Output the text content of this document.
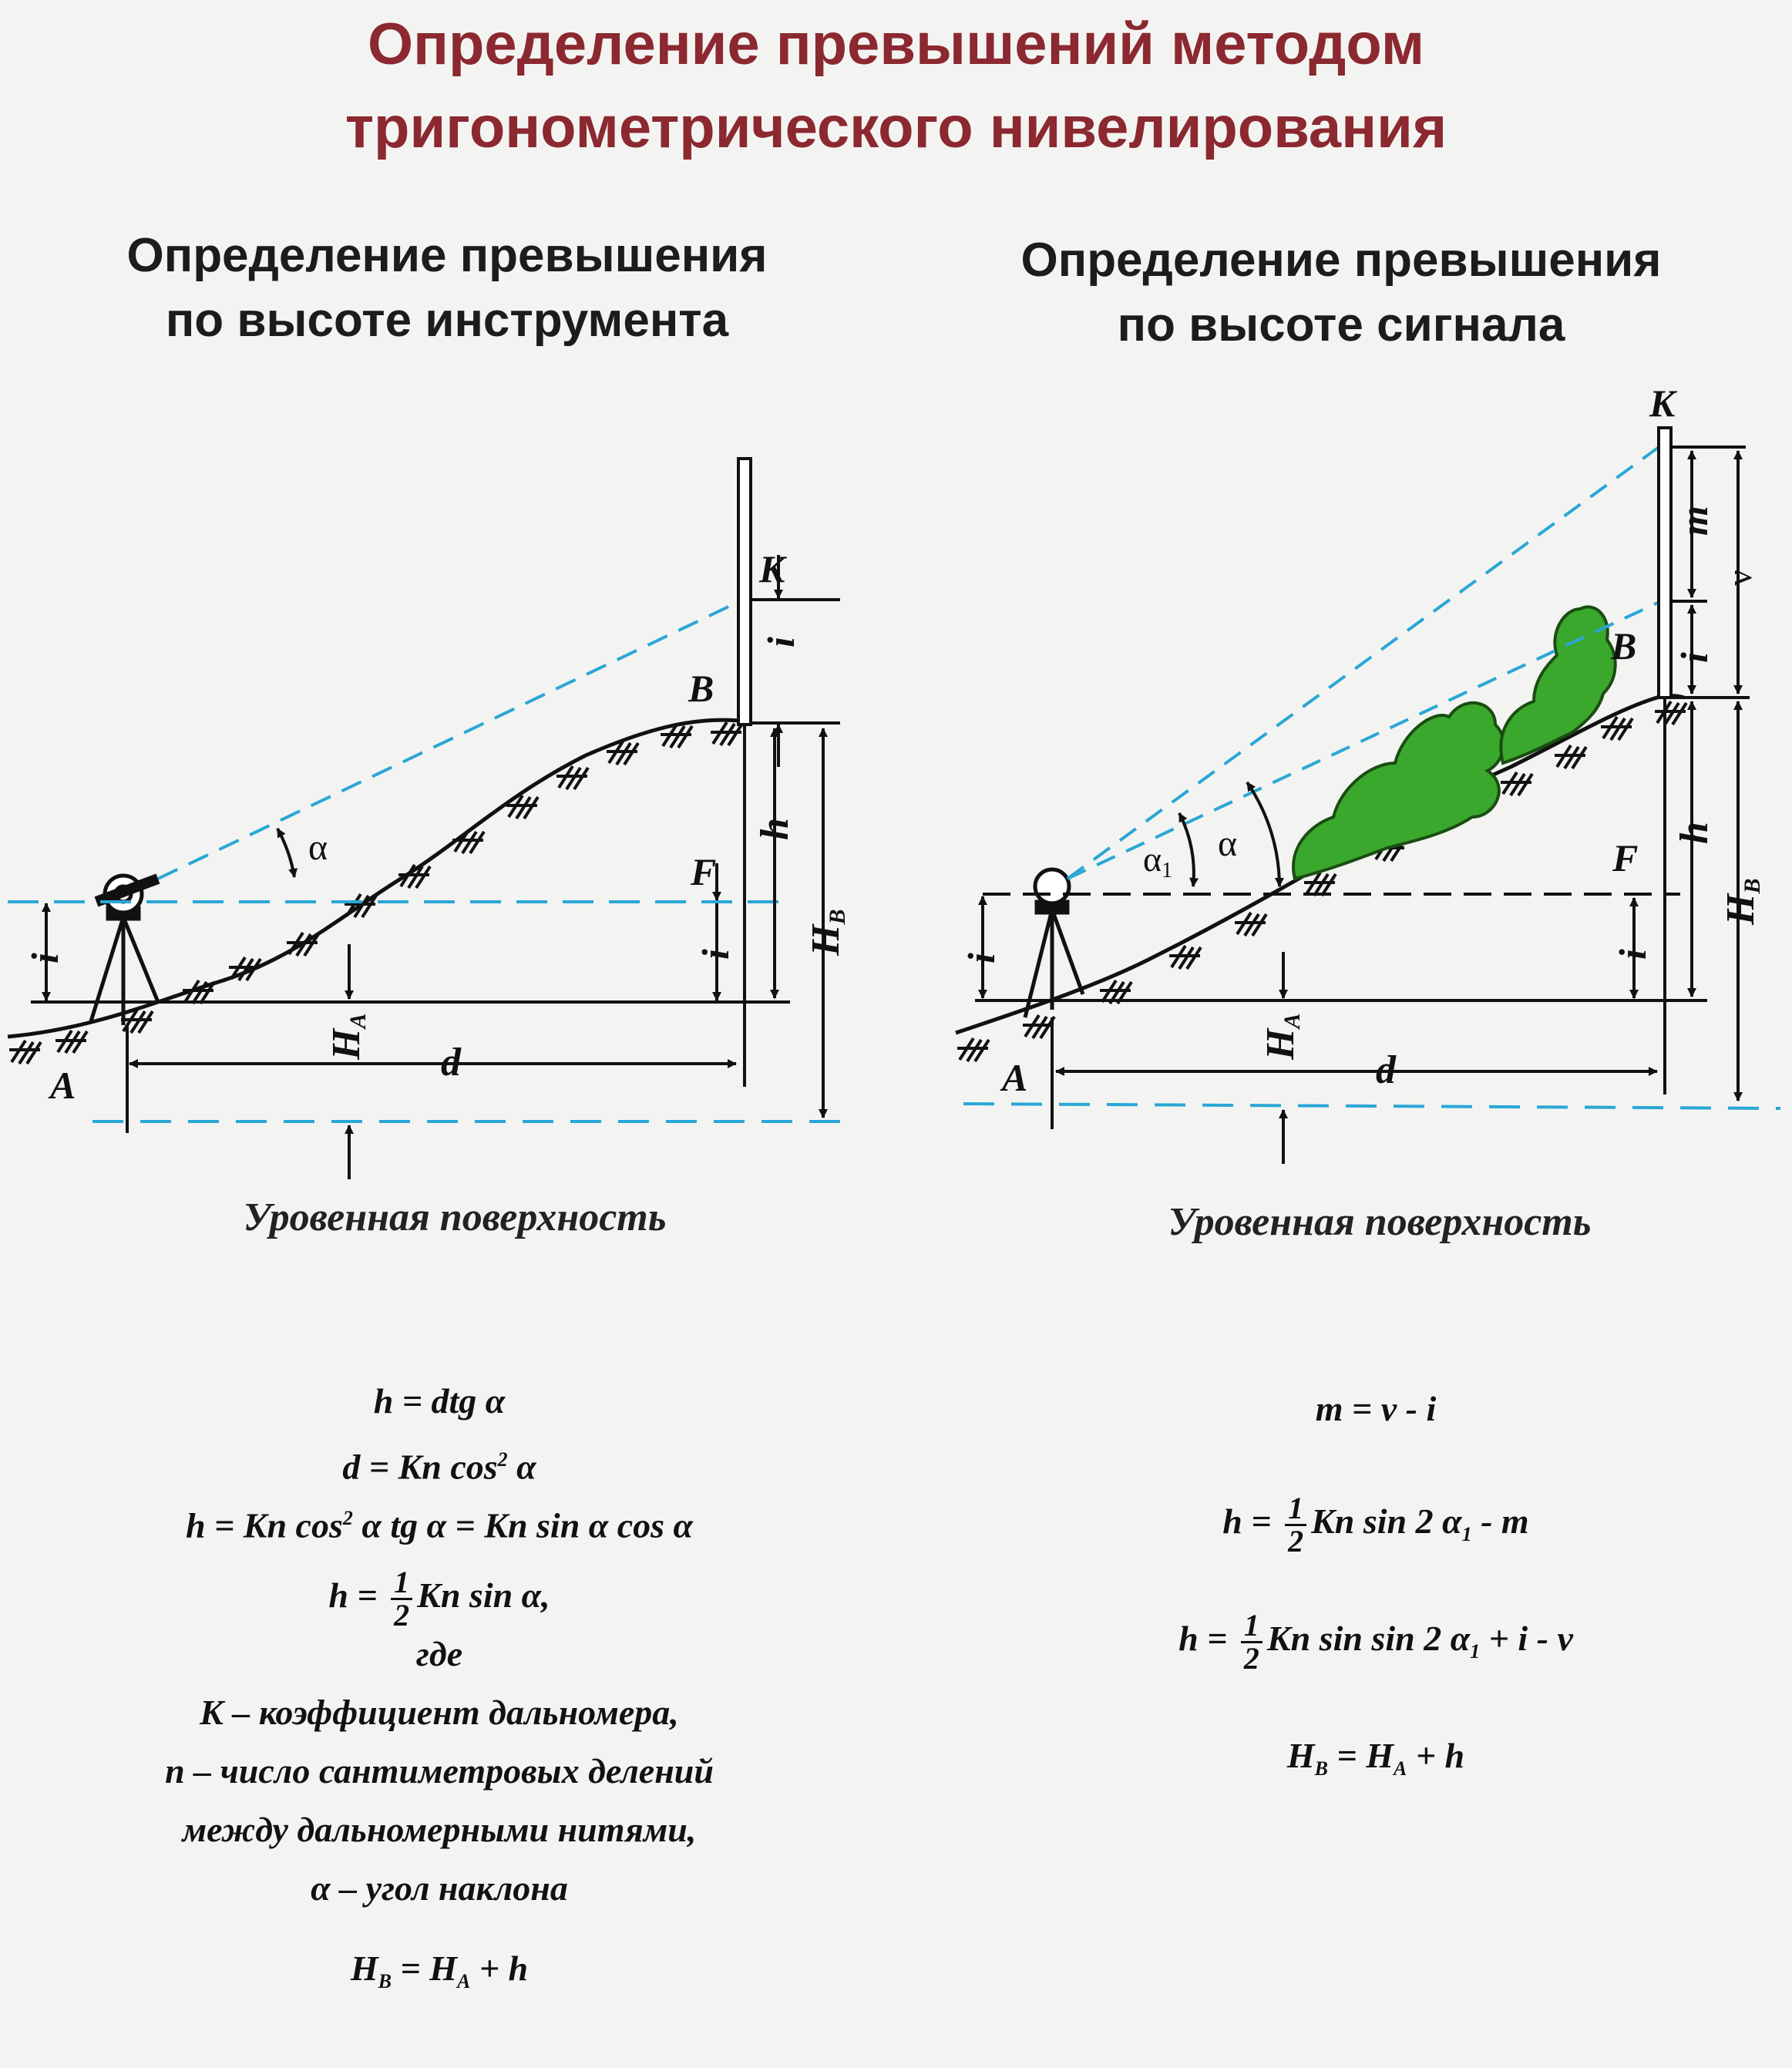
Определение превышений методом
тригонометрического нивелирования
Определение превышения
по высоте инструмента
Определение превышения
по высоте сигнала
K
B
F
A
d
i
h
HB
i
i
HA
α
K
B
F
A	d
m
ν
i
h
HB
i
i
HA
α1
α

Уровенная поверхность	Уровенная поверхность

h = dtg α
d = Kn $\cos^2 \alpha$
h = Kn $\cos^2 \alpha$ tg α = Kn sin α cos α
$h = \frac{1}{2}$ Kn sin α,
где
K – коэффициент дальномера,
n – число сантиметровых делений
между дальномерными нитями,
α – угол наклона
$H_B = H_A + h$
m = ν - i
$h = \frac{1}{2}$ Kn sin 2 $\alpha_1$ - m
$h = \frac{1}{2}$ Kn sin sin 2 $\alpha_1 + i - \nu$
$H_B = H_A + h$
